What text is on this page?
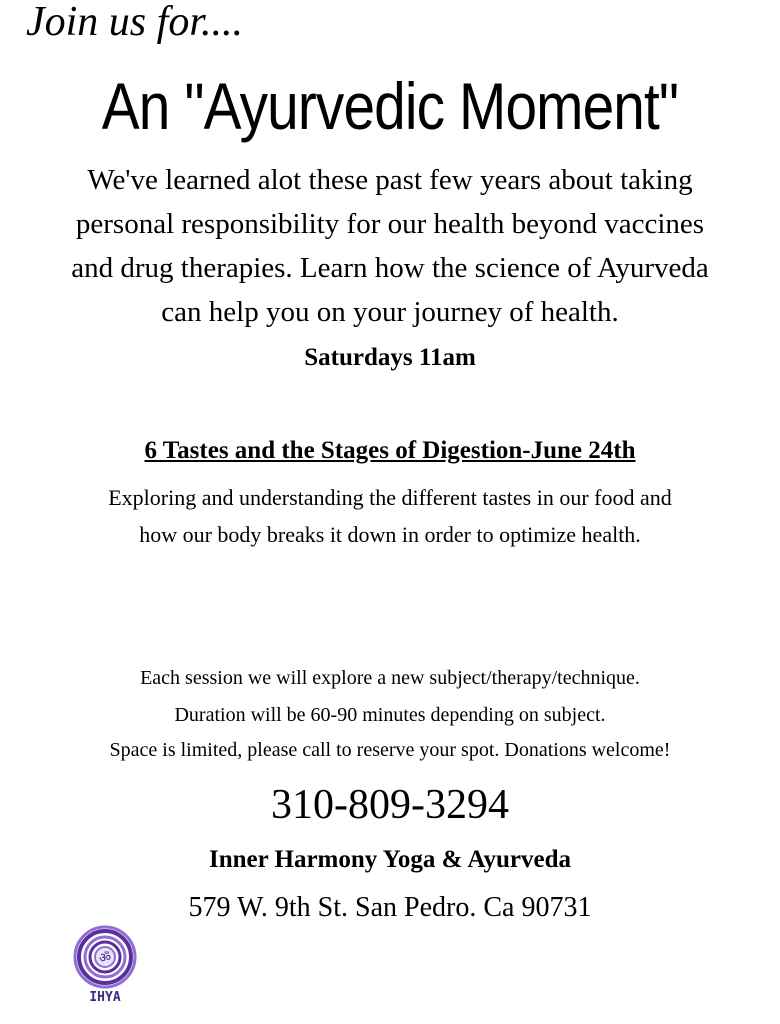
Join us for....
An "Ayurvedic Moment"
We've learned alot these past few years about taking
personal responsibility for our health beyond vaccines
and drug therapies. Learn how the science of Ayurveda
can help you on your journey of health.
Saturdays 11am
6 Tastes and the Stages of Digestion-June 24th
Exploring and understanding the different tastes in our food and
how our body breaks it down in order to optimize health.
Each session we will explore a new subject/therapy/technique.
Duration will be 60-90 minutes depending on subject.
Space is limited, please call to reserve your spot. Donations welcome!
310-809-3294
Inner Harmony Yoga & Ayurveda
579 W. 9th St. San Pedro. Ca 90731
ॐ
IHYA
